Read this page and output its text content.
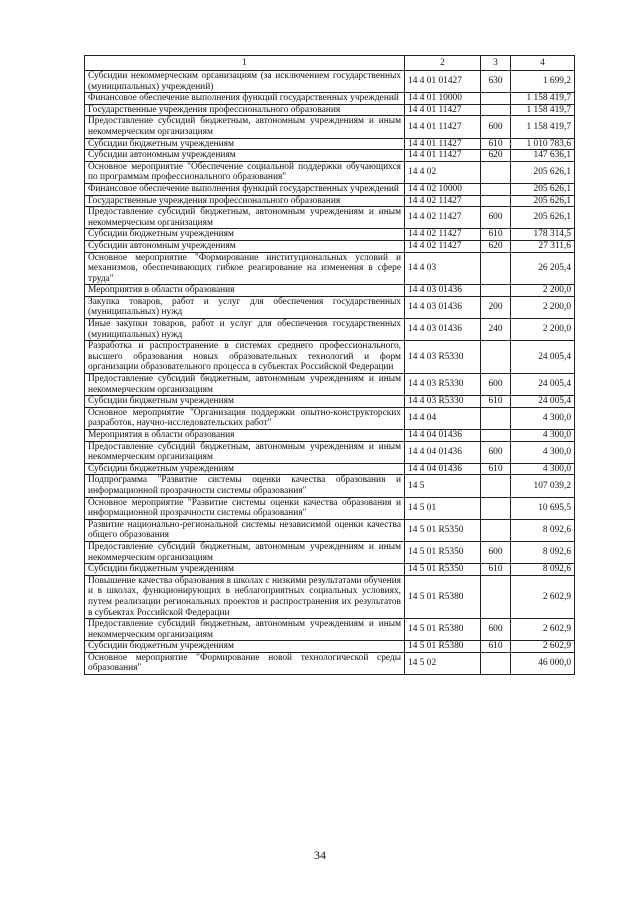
1	2	3	4
Субсидии некоммерческим организациям (за исключением государственных (муниципальных) учреждений)	14 4 01 01427	630	1 699,2
Финансовое обеспечение выполнения функций государственных учреждений	14 4 01 10000		1 158 419,7
Государственные учреждения профессионального образования	14 4 01 11427		1 158 419,7
Предоставление субсидий бюджетным, автономным учреждениям и иным некоммерческим организациям	14 4 01 11427	600	1 158 419,7
Субсидии бюджетным учреждениям	14 4 01 11427	610	1 010 783,6
Субсидии автономным учреждениям	14 4 01 11427	620	147 636,1
Основное мероприятие "Обеспечение социальной поддержки обучающихся по программам профессионального образования"	14 4 02		205 626,1
Финансовое обеспечение выполнения функций государственных учреждений	14 4 02 10000		205 626,1
Государственные учреждения профессионального образования	14 4 02 11427		205 626,1
Предоставление субсидий бюджетным, автономным учреждениям и иным некоммерческим организациям	14 4 02 11427	600	205 626,1
Субсидии бюджетным учреждениям	14 4 02 11427	610	178 314,5
Субсидии автономным учреждениям	14 4 02 11427	620	27 311,6
Основное мероприятие "Формирование институциональных условий и механизмов, обеспечивающих гибкое реагирование на изменения в сфере труда"	14 4 03		26 205,4
Мероприятия в области образования	14 4 03 01436		2 200,0
Закупка товаров, работ и услуг для обеспечения государственных (муниципальных) нужд	14 4 03 01436	200	2 200,0
Иные закупки товаров, работ и услуг для обеспечения государственных (муниципальных) нужд	14 4 03 01436	240	2 200,0
Разработка и распространение в системах среднего профессионального, высшего образования новых образовательных технологий и форм организации образовательного процесса в субъектах Российской Федерации	14 4 03 R5330		24 005,4
Предоставление субсидий бюджетным, автономным учреждениям и иным некоммерческим организациям	14 4 03 R5330	600	24 005,4
Субсидии бюджетным учреждениям	14 4 03 R5330	610	24 005,4
Основное мероприятие "Организация поддержки опытно-конструкторских разработок, научно-исследовательских работ"	14 4 04		4 300,0
Мероприятия в области образования	14 4 04 01436		4 300,0
Предоставление субсидий бюджетным, автономным учреждениям и иным некоммерческим организациям	14 4 04 01436	600	4 300,0
Субсидии бюджетным учреждениям	14 4 04 01436	610	4 300,0
Подпрограмма "Развитие системы оценки качества образования и информационной прозрачности системы образования"	14 5		107 039,2
Основное мероприятие "Развитие системы оценки качества образования и информационной прозрачности системы образования"	14 5 01		10 695,5
Развитие национально-региональной системы независимой оценки качества общего образования	14 5 01 R5350		8 092,6
Предоставление субсидий бюджетным, автономным учреждениям и иным некоммерческим организациям	14 5 01 R5350	600	8 092,6
Субсидии бюджетным учреждениям	14 5 01 R5350	610	8 092,6
Повышение качества образования в школах с низкими результатами обучения и в школах, функционирующих в неблагоприятных социальных условиях, путем реализации региональных проектов и распространения их результатов в субъектах Российской Федерации	14 5 01 R5380		2 602,9
Предоставление субсидий бюджетным, автономным учреждениям и иным некоммерческим организациям	14 5 01 R5380	600	2 602,9
Субсидии бюджетным учреждениям	14 5 01 R5380	610	2 602,9
Основное мероприятие "Формирование новой технологической среды образования"	14 5 02		46 000,0
34
